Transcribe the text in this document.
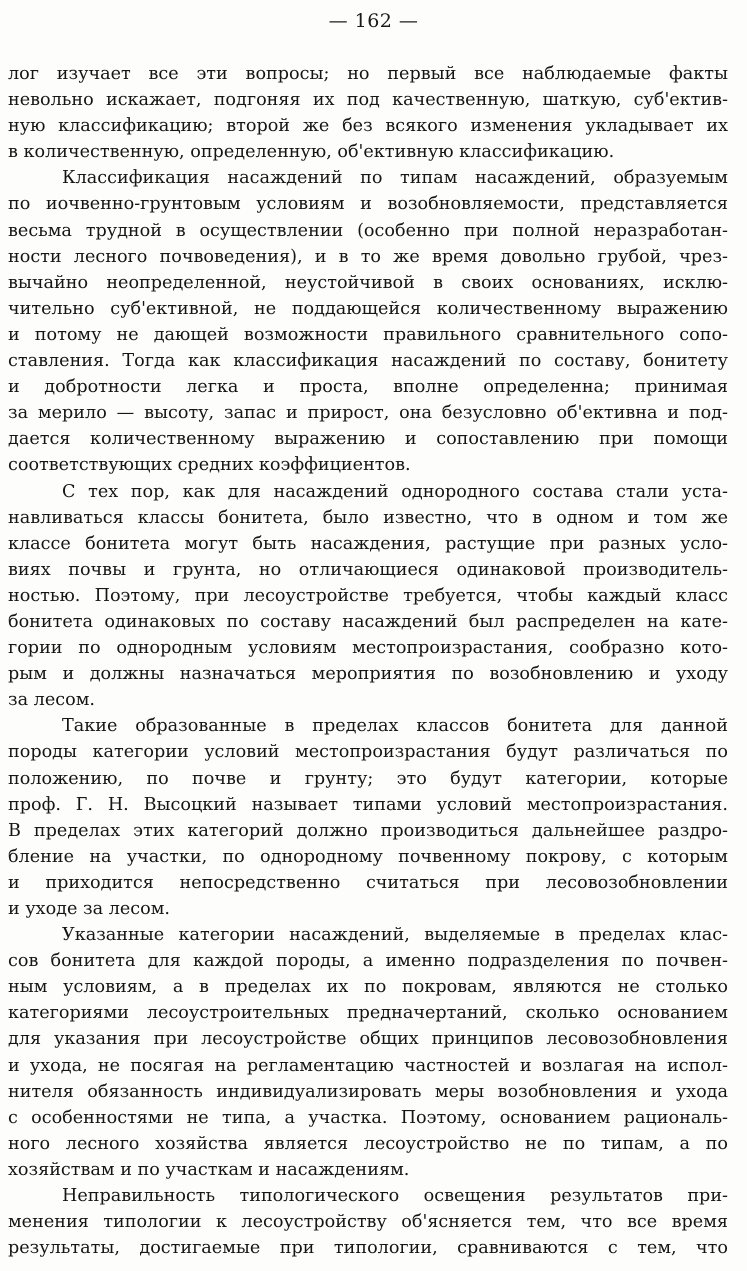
— 162 —
лог изучает все эти вопросы; но первый все наблюдаемые факты
невольно искажает, подгоняя их под качественную, шаткую, суб'ектив-
ную классификацию; второй же без всякого изменения укладывает их
в количественную, определенную, об'ективную классификацию.
Классификация насаждений по типам насаждений, образуемым
по иочвенно-грунтовым условиям и возобновляемости, представляется
весьма трудной в осуществлении (особенно при полной неразработан-
ности лесного почвоведения), и в то же время довольно грубой, чрез-
вычайно неопределенной, неустойчивой в своих основаниях, исклю-
чительно суб'ективной, не поддающейся количественному выражению
и потому не дающей возможности правильного сравнительного сопо-
ставления. Тогда как классификация насаждений по составу, бонитету
и добротности легка и проста, вполне определенна; принимая
за мерило — высоту, запас и прирост, она безусловно об'ективна и под-
дается количественному выражению и сопоставлению при помощи
соответствующих средних коэффициентов.
С тех пор, как для насаждений однородного состава стали уста-
навливаться классы бонитета, было известно, что в одном и том же
классе бонитета могут быть насаждения, растущие при разных усло-
виях почвы и грунта, но отличающиеся одинаковой производитель-
ностью. Поэтому, при лесоустройстве требуется, чтобы каждый класс
бонитета одинаковых по составу насаждений был распределен на кате-
гории по однородным условиям местопроизрастания, сообразно кото-
рым и должны назначаться мероприятия по возобновлению и уходу
за лесом.
Такие образованные в пределах классов бонитета для данной
породы категории условий местопроизрастания будут различаться по
положению, по почве и грунту; это будут категории, которые
проф. Г. Н. Высоцкий называет типами условий местопроизрастания.
В пределах этих категорий должно производиться дальнейшее раздро-
бление на участки, по однородному почвенному покрову, с которым
и приходится непосредственно считаться при лесовозобновлении
и уходе за лесом.
Указанные категории насаждений, выделяемые в пределах клас-
сов бонитета для каждой породы, а именно подразделения по почвен-
ным условиям, а в пределах их по покровам, являются не столько
категориями лесоустроительных предначертаний, сколько основанием
для указания при лесоустройстве общих принципов лесовозобновления
и ухода, не посягая на регламентацию частностей и возлагая на испол-
нителя обязанность индивидуализировать меры возобновления и ухода
с особенностями не типа, а участка. Поэтому, основанием рациональ-
ного лесного хозяйства является лесоустройство не по типам, а по
хозяйствам и по участкам и насаждениям.
Неправильность типологического освещения результатов при-
менения типологии к лесоустройству об'ясняется тем, что все время
результаты, достигаемые при типологии, сравниваются с тем, что
